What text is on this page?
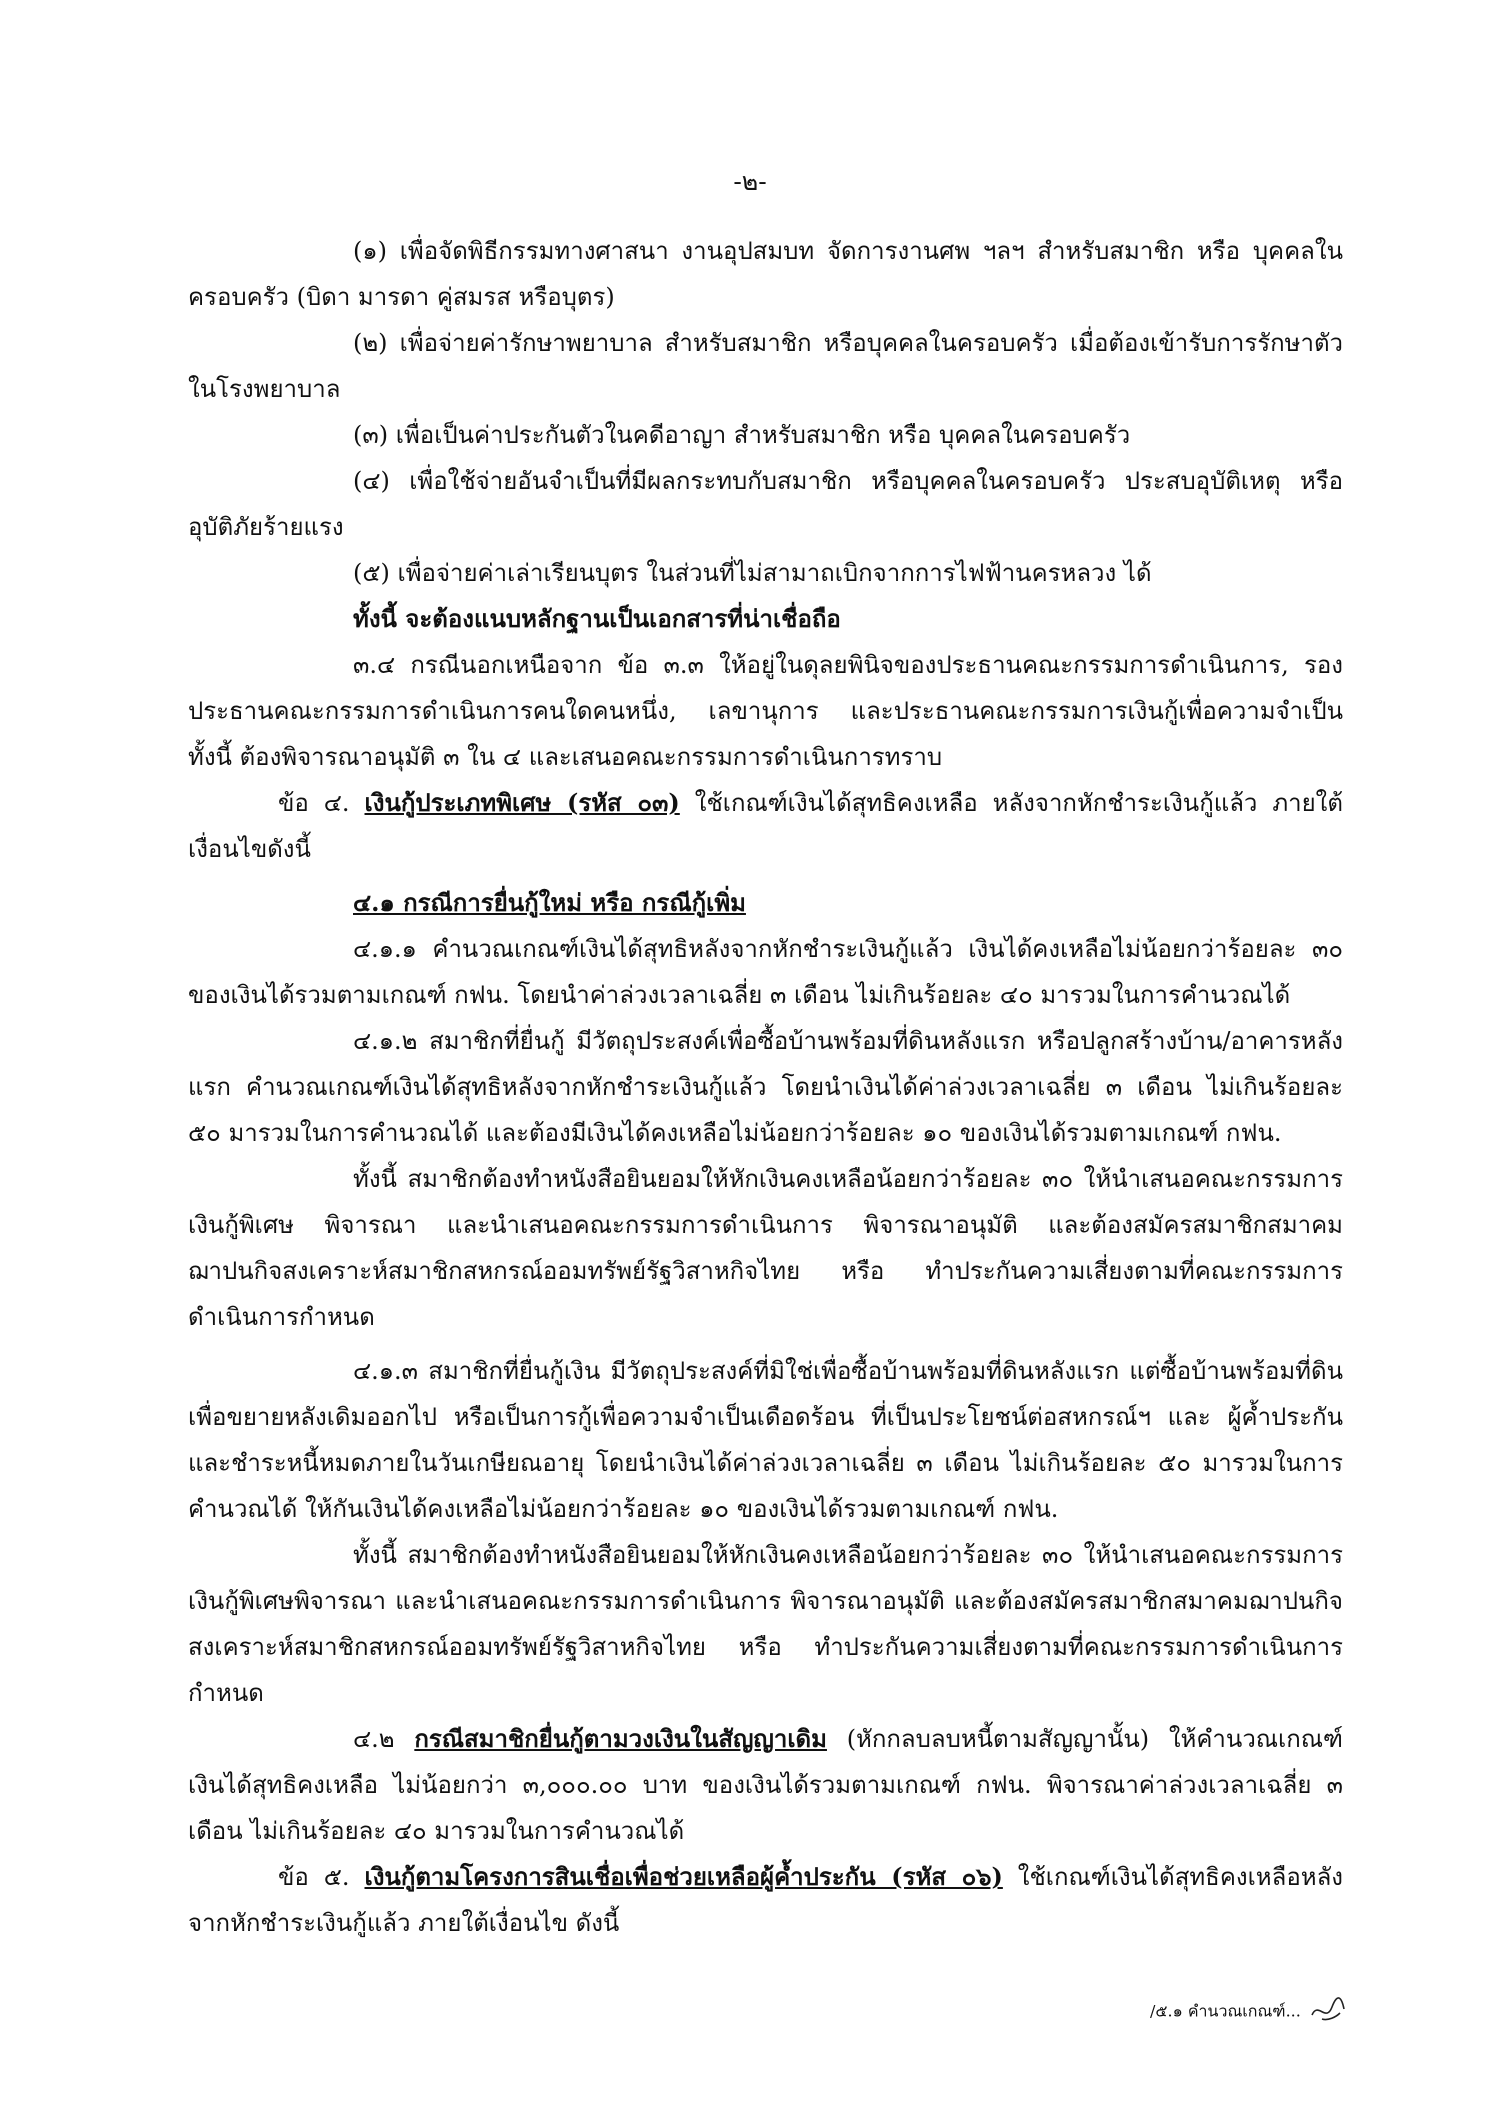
-๒-

(๑) เพื่อจัดพิธีกรรมทางศาสนา งานอุปสมบท จัดการงานศพ ฯลฯ สำหรับสมาชิก หรือ บุคคลในครอบครัว (บิดา มารดา คู่สมรส หรือบุตร)

(๒) เพื่อจ่ายค่ารักษาพยาบาล สำหรับสมาชิก หรือบุคคลในครอบครัว เมื่อต้องเข้ารับการรักษาตัวในโรงพยาบาล

(๓) เพื่อเป็นค่าประกันตัวในคดีอาญา สำหรับสมาชิก หรือ บุคคลในครอบครัว

(๔) เพื่อใช้จ่ายอันจำเป็นที่มีผลกระทบกับสมาชิก หรือบุคคลในครอบครัว ประสบอุบัติเหตุ หรืออุบัติภัยร้ายแรง

(๕) เพื่อจ่ายค่าเล่าเรียนบุตร ในส่วนที่ไม่สามาถเบิกจากการไฟฟ้านครหลวง ได้

ทั้งนี้ จะต้องแนบหลักฐานเป็นเอกสารที่น่าเชื่อถือ

๓.๔ กรณีนอกเหนือจาก ข้อ ๓.๓ ให้อยู่ในดุลยพินิจของประธานคณะกรรมการดำเนินการ, รองประธานคณะกรรมการดำเนินการคนใดคนหนึ่ง, เลขานุการ และประธานคณะกรรมการเงินกู้เพื่อความจำเป็น ทั้งนี้ ต้องพิจารณาอนุมัติ ๓ ใน ๔ และเสนอคณะกรรมการดำเนินการทราบ

ข้อ ๔. เงินกู้ประเภทพิเศษ (รหัส ๐๓) ใช้เกณฑ์เงินได้สุทธิคงเหลือ หลังจากหักชำระเงินกู้แล้ว ภายใต้เงื่อนไขดังนี้

๔.๑ กรณีการยื่นกู้ใหม่ หรือ กรณีกู้เพิ่ม

๔.๑.๑ คำนวณเกณฑ์เงินได้สุทธิหลังจากหักชำระเงินกู้แล้ว เงินได้คงเหลือไม่น้อยกว่าร้อยละ ๓๐ ของเงินได้รวมตามเกณฑ์ กฟน. โดยนำค่าล่วงเวลาเฉลี่ย ๓ เดือน ไม่เกินร้อยละ ๔๐ มารวมในการคำนวณได้

๔.๑.๒ สมาชิกที่ยื่นกู้ มีวัตถุประสงค์เพื่อซื้อบ้านพร้อมที่ดินหลังแรก หรือปลูกสร้างบ้าน/อาคารหลังแรก คำนวณเกณฑ์เงินได้สุทธิหลังจากหักชำระเงินกู้แล้ว โดยนำเงินได้ค่าล่วงเวลาเฉลี่ย ๓ เดือน ไม่เกินร้อยละ ๕๐ มารวมในการคำนวณได้ และต้องมีเงินได้คงเหลือไม่น้อยกว่าร้อยละ ๑๐ ของเงินได้รวมตามเกณฑ์ กฟน.

ทั้งนี้ สมาชิกต้องทำหนังสือยินยอมให้หักเงินคงเหลือน้อยกว่าร้อยละ ๓๐ ให้นำเสนอคณะกรรมการเงินกู้พิเศษ พิจารณา และนำเสนอคณะกรรมการดำเนินการ พิจารณาอนุมัติ และต้องสมัครสมาชิกสมาคมฌาปนกิจสงเคราะห์สมาชิกสหกรณ์ออมทรัพย์รัฐวิสาหกิจไทย หรือ ทำประกันความเสี่ยงตามที่คณะกรรมการดำเนินการกำหนด

๔.๑.๓ สมาชิกที่ยื่นกู้เงิน มีวัตถุประสงค์ที่มิใช่เพื่อซื้อบ้านพร้อมที่ดินหลังแรก แต่ซื้อบ้านพร้อมที่ดินเพื่อขยายหลังเดิมออกไป หรือเป็นการกู้เพื่อความจำเป็นเดือดร้อน ที่เป็นประโยชน์ต่อสหกรณ์ฯ และ ผู้ค้ำประกันและชำระหนี้หมดภายในวันเกษียณอายุ โดยนำเงินได้ค่าล่วงเวลาเฉลี่ย ๓ เดือน ไม่เกินร้อยละ ๕๐ มารวมในการคำนวณได้ ให้กันเงินได้คงเหลือไม่น้อยกว่าร้อยละ ๑๐ ของเงินได้รวมตามเกณฑ์ กฟน.

ทั้งนี้ สมาชิกต้องทำหนังสือยินยอมให้หักเงินคงเหลือน้อยกว่าร้อยละ ๓๐ ให้นำเสนอคณะกรรมการเงินกู้พิเศษพิจารณา และนำเสนอคณะกรรมการดำเนินการ พิจารณาอนุมัติ และต้องสมัครสมาชิกสมาคมฌาปนกิจสงเคราะห์สมาชิกสหกรณ์ออมทรัพย์รัฐวิสาหกิจไทย หรือ ทำประกันความเสี่ยงตามที่คณะกรรมการดำเนินการกำหนด

๔.๒ กรณีสมาชิกยื่นกู้ตามวงเงินในสัญญาเดิม (หักกลบลบหนี้ตามสัญญานั้น) ให้คำนวณเกณฑ์เงินได้สุทธิคงเหลือ ไม่น้อยกว่า ๓,๐๐๐.๐๐ บาท ของเงินได้รวมตามเกณฑ์ กฟน. พิจารณาค่าล่วงเวลาเฉลี่ย ๓ เดือน ไม่เกินร้อยละ ๔๐ มารวมในการคำนวณได้

ข้อ ๕. เงินกู้ตามโครงการสินเชื่อเพื่อช่วยเหลือผู้ค้ำประกัน (รหัส ๐๖) ใช้เกณฑ์เงินได้สุทธิคงเหลือหลังจากหักชำระเงินกู้แล้ว ภายใต้เงื่อนไข ดังนี้

/๕.๑ คำนวณเกณฑ์...
